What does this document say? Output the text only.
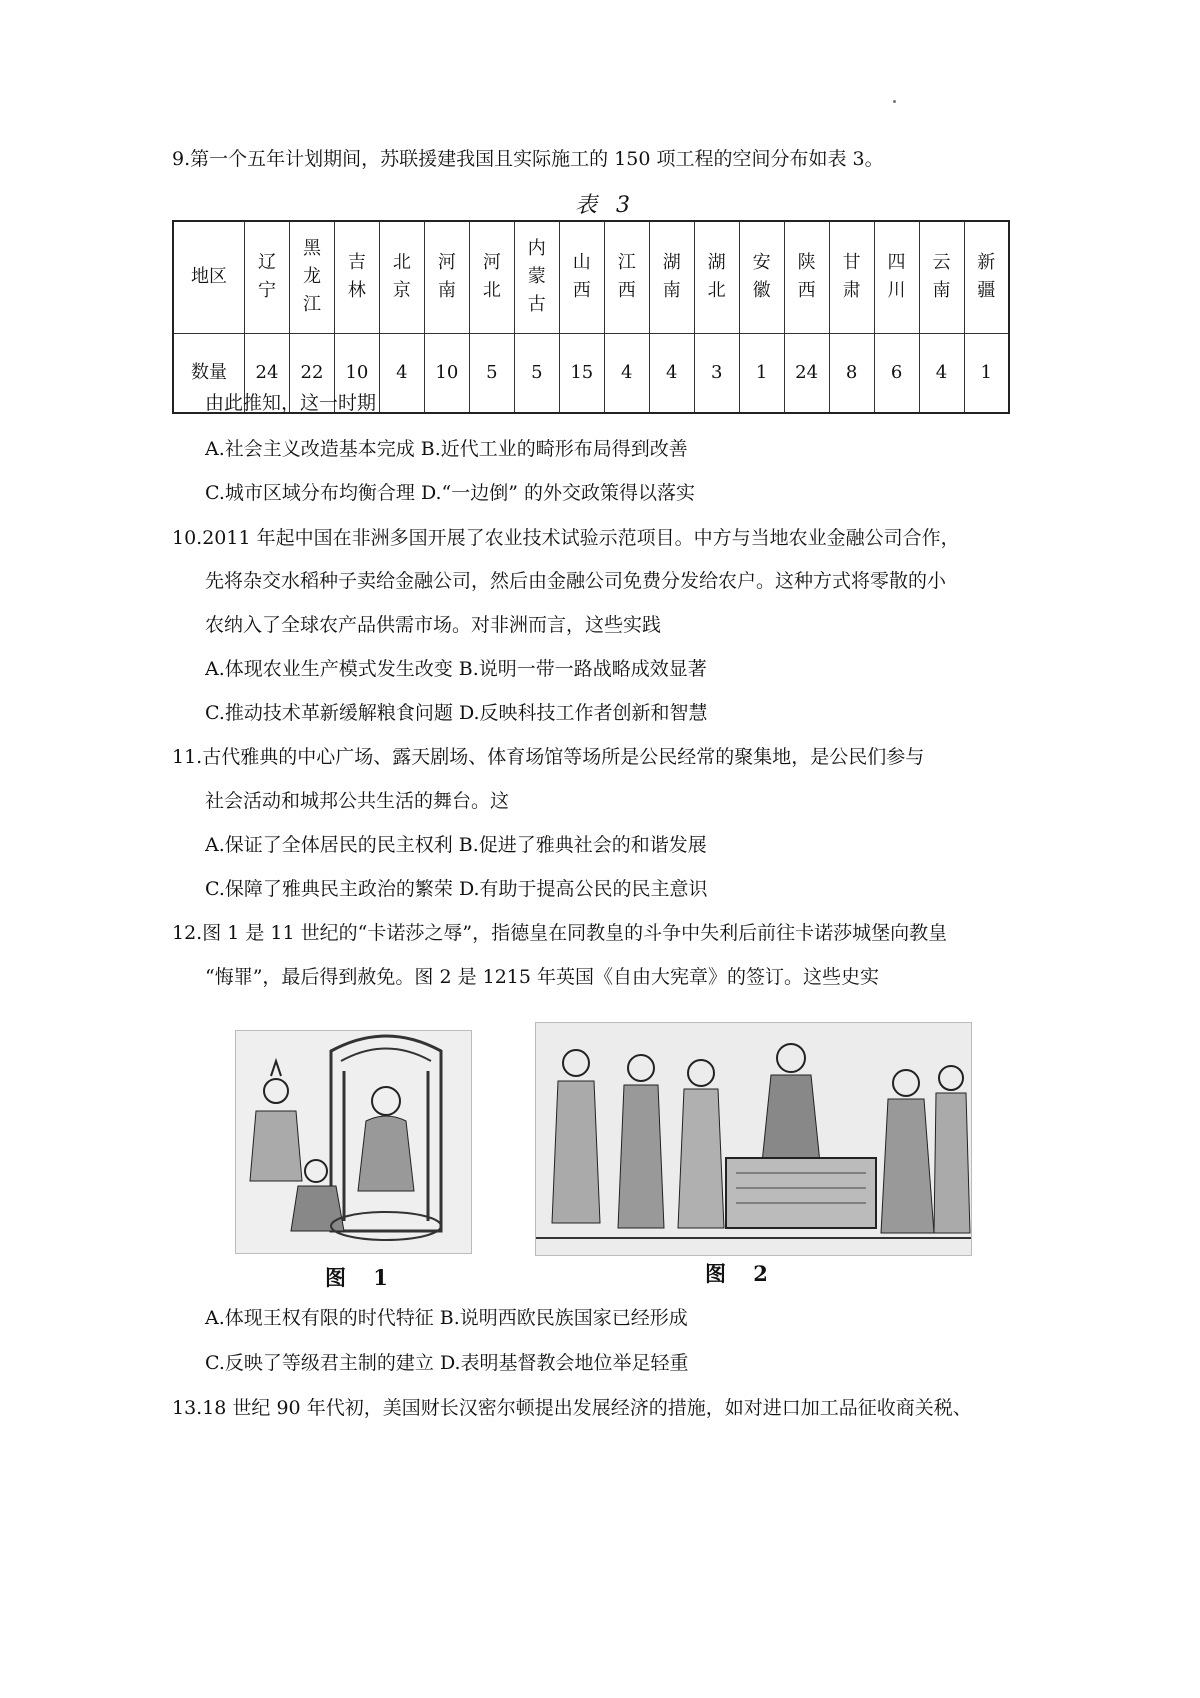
9.第一个五年计划期间，苏联援建我国且实际施工的 150 项工程的空间分布如表 3。
表 3
地区	辽宁	黑龙江	吉林	北京	河南	河北	内蒙古	山西	江西	湖南	湖北	安徽	陕西	甘肃	四川	云南	新疆
数量	24	22	10	4	10	5	5	15	4	4	3	1	24	8	6	4	1
由此推知，这一时期
A.社会主义改造基本完成 B.近代工业的畸形布局得到改善
C.城市区域分布均衡合理 D.“一边倒” 的外交政策得以落实
10.2011 年起中国在非洲多国开展了农业技术试验示范项目。中方与当地农业金融公司合作，
先将杂交水稻种子卖给金融公司，然后由金融公司免费分发给农户。这种方式将零散的小
农纳入了全球农产品供需市场。对非洲而言，这些实践
A.体现农业生产模式发生改变 B.说明一带一路战略成效显著
C.推动技术革新缓解粮食问题 D.反映科技工作者创新和智慧
11.古代雅典的中心广场、露天剧场、体育场馆等场所是公民经常的聚集地，是公民们参与
社会活动和城邦公共生活的舞台。这
A.保证了全体居民的民主权利 B.促进了雅典社会的和谐发展
C.保障了雅典民主政治的繁荣 D.有助于提高公民的民主意识
12.图 1 是 11 世纪的“卡诺莎之辱”，指德皇在同教皇的斗争中失利后前往卡诺莎城堡向教皇
“悔罪”，最后得到赦免。图 2 是 1215 年英国《自由大宪章》的签订。这些史实
图 1	图 2
A.体现王权有限的时代特征 B.说明西欧民族国家已经形成
C.反映了等级君主制的建立 D.表明基督教会地位举足轻重
13.18 世纪 90 年代初，美国财长汉密尔顿提出发展经济的措施，如对进口加工品征收商关税、
